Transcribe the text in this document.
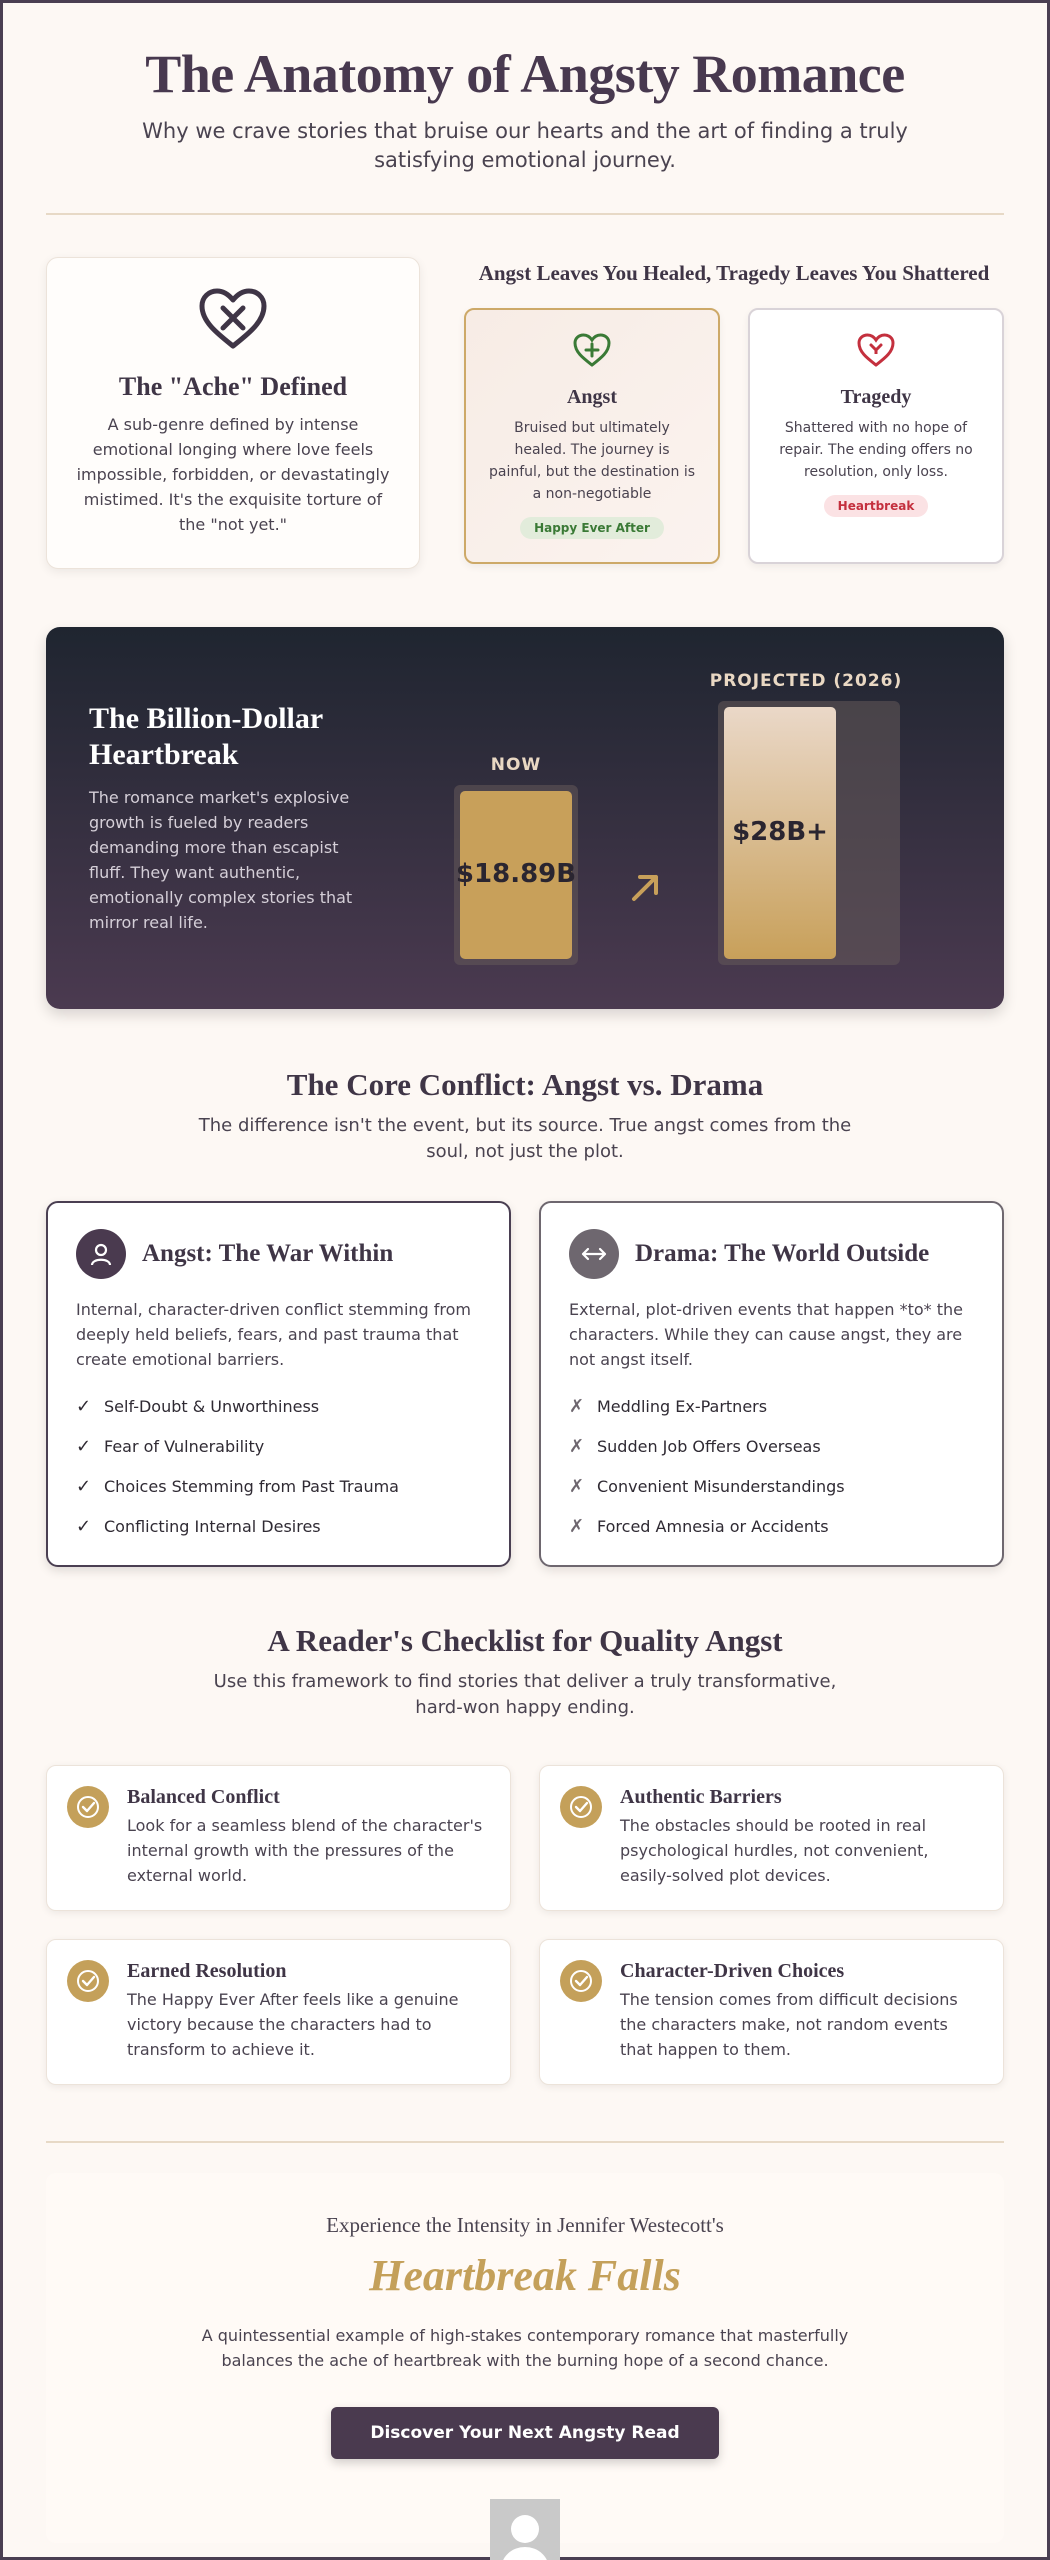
The Anatomy of Angsty Romance

Why we crave stories that bruise our hearts and the art of finding a truly satisfying emotional journey.

The "Ache" Defined

A sub-genre defined by intense emotional longing where love feels impossible, forbidden, or devastatingly mistimed. It's the exquisite torture of the "not yet."

Angst Leaves You Healed, Tragedy Leaves You Shattered
Angst

Bruised but ultimately healed. The journey is painful, but the destination is a non-negotiable

Happy Ever After
Tragedy

Shattered with no hope of repair. The ending offers no resolution, only loss.

Heartbreak
The Billion-Dollar Heartbreak

The romance market's explosive growth is fueled by readers demanding more than escapist fluff. They want authentic, emotionally complex stories that mirror real life.

NOW
$18.89B
PROJECTED (2026)
$28B+
The Core Conflict: Angst vs. Drama

The difference isn't the event, but its source. True angst comes from the soul, not just the plot.

Angst: The War Within

Internal, character-driven conflict stemming from deeply held beliefs, fears, and past trauma that create emotional barriers.

✓ Self-Doubt & Unworthiness
✓ Fear of Vulnerability
✓ Choices Stemming from Past Trauma
✓ Conflicting Internal Desires
Drama: The World Outside

External, plot-driven events that happen *to* the characters. While they can cause angst, they are not angst itself.

✗ Meddling Ex-Partners
✗ Sudden Job Offers Overseas
✗ Convenient Misunderstandings
✗ Forced Amnesia or Accidents
A Reader's Checklist for Quality Angst

Use this framework to find stories that deliver a truly transformative, hard-won happy ending.

Balanced Conflict

Look for a seamless blend of the character's internal growth with the pressures of the external world.

Authentic Barriers

The obstacles should be rooted in real psychological hurdles, not convenient, easily-solved plot devices.

Earned Resolution

The Happy Ever After feels like a genuine victory because the characters had to transform to achieve it.

Character-Driven Choices

The tension comes from difficult decisions the characters make, not random events that happen to them.

Experience the Intensity in Jennifer Westecott's
Heartbreak Falls

A quintessential example of high-stakes contemporary romance that masterfully balances the ache of heartbreak with the burning hope of a second chance.

Discover Your Next Angsty Read
